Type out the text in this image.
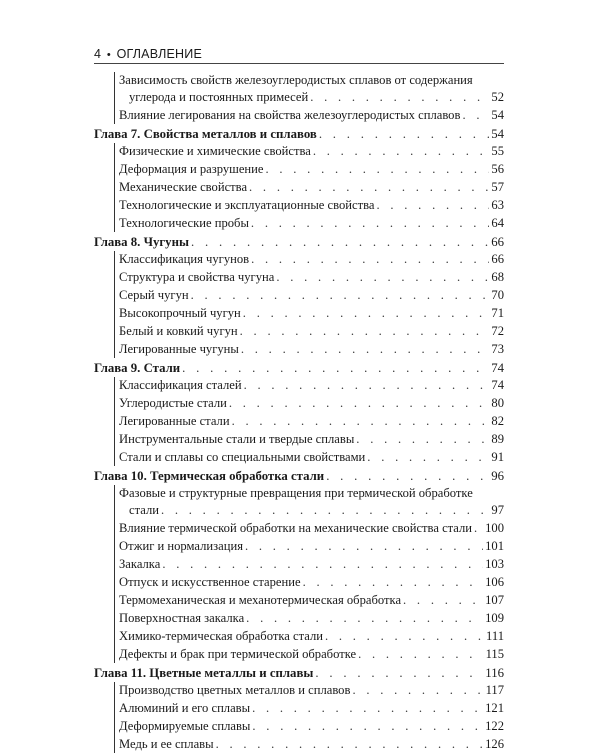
4 • ОГЛАВЛЕНИЕ
Зависимость свойств железоуглеродистых сплавов от содержания
углерода и постоянных примесей . . .	52
Влияние легирования на свойства железоуглеродистых сплавов . . . 54
Глава 7. Свойства металлов и сплавов . . .	54
Физические и химические свойства . . .	55
Деформация и разрушение . . .	56
Механические свойства . . .	57
Технологические и эксплуатационные свойства . . .	63
Технологические пробы . . .	64
Глава 8. Чугуны . . .	66
Классификация чугунов . . .	66
Структура и свойства чугуна . . .	68
Серый чугун . . .	70
Высокопрочный чугун . . .	71
Белый и ковкий чугун . . .	72
Легированные чугуны . . .	73
Глава 9. Стали . . .	74
Классификация сталей . . .	74
Углеродистые стали . . .	80
Легированные стали . . .	82
Инструментальные стали и твердые сплавы . . .	89
Стали и сплавы со специальными свойствами . . .	91
Глава 10. Термическая обработка стали . . .	96
Фазовые и структурные превращения при термической обработке
стали . . .	97
Влияние термической обработки на механические свойства стали . . . 100
Отжиг и нормализация . . .	101
Закалка . . .	103
Отпуск и искусственное старение . . .	106
Термомеханическая и механотермическая обработка . . .	107
Поверхностная закалка . . .	109
Химико-термическая обработка стали . . .	111
Дефекты и брак при термической обработке . . .	115
Глава 11. Цветные металлы и сплавы . . .	116
Производство цветных металлов и сплавов . . .	117
Алюминий и его сплавы . . .	121
Деформируемые сплавы . . .	122
Медь и ее сплавы . . .	126
